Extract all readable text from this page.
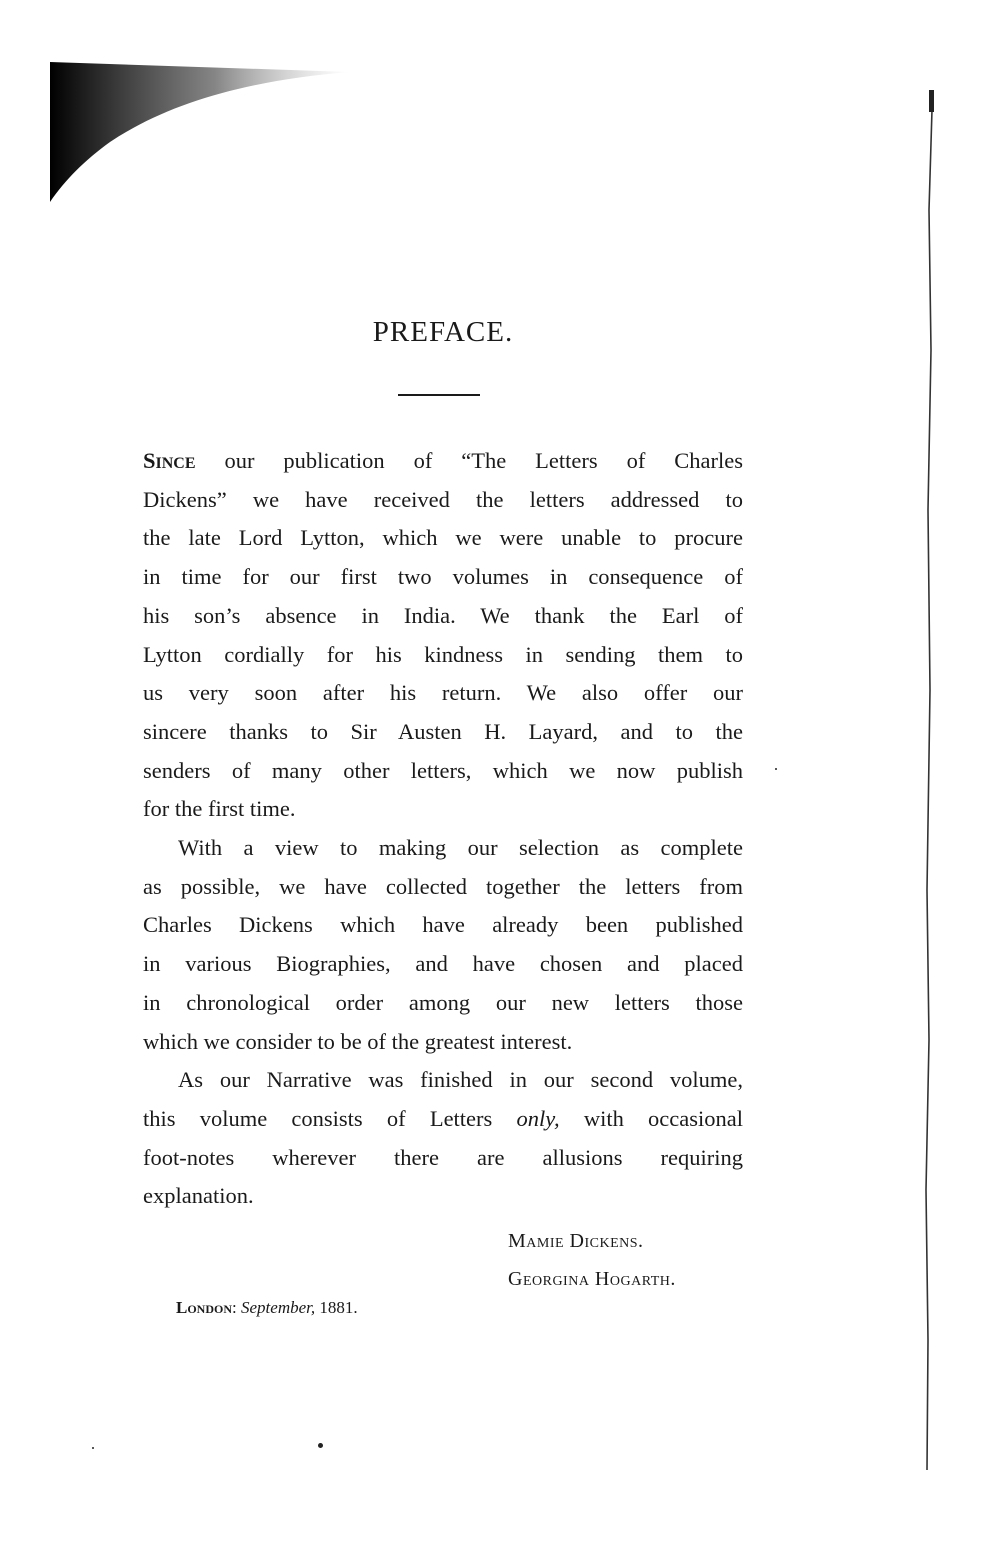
PREFACE.

Since our publication of “The Letters of Charles
Dickens” we have received the letters addressed to
the late Lord Lytton, which we were unable to procure
in time for our first two volumes in consequence of
his son’s absence in India. We thank the Earl of
Lytton cordially for his kindness in sending them to
us very soon after his return. We also offer our
sincere thanks to Sir Austen H. Layard, and to the
senders of many other letters, which we now publish
for the first time.

With a view to making our selection as complete
as possible, we have collected together the letters from
Charles Dickens which have already been published
in various Biographies, and have chosen and placed
in chronological order among our new letters those
which we consider to be of the greatest interest.

As our Narrative was finished in our second volume,
this volume consists of Letters only, with occasional
foot-notes wherever there are allusions requiring
explanation.

Mamie Dickens.
Georgina Hogarth.
London: September, 1881.
